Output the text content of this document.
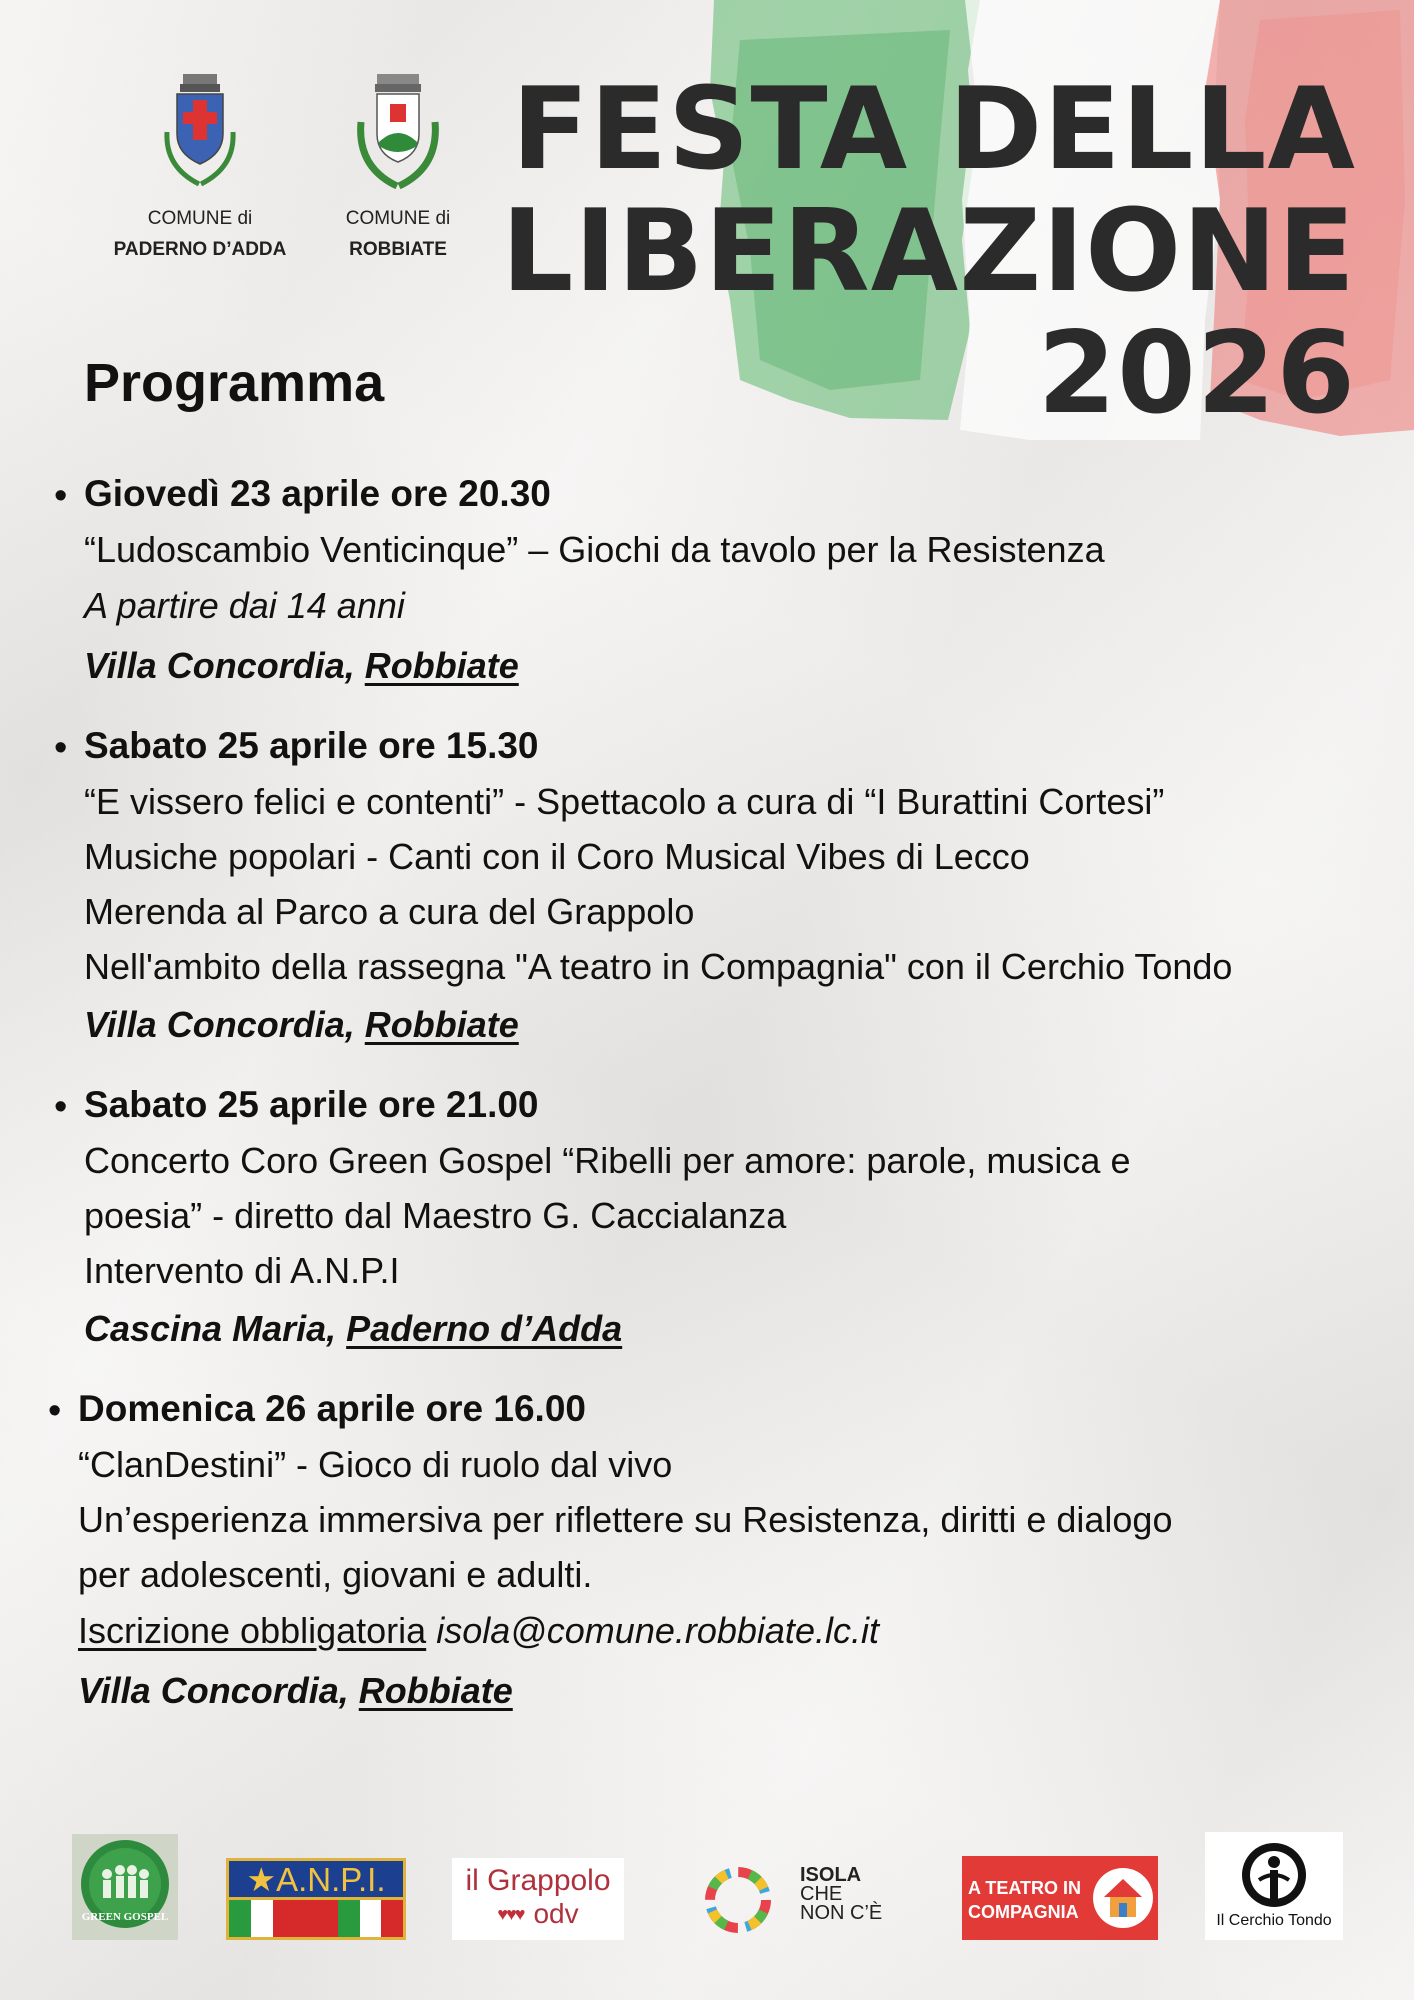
COMUNE di
PADERNO D’ADDA
COMUNE di
ROBBIATE
FESTA DELLA
LIBERAZIONE
2026
Programma
• Giovedì 23 aprile ore 20.30
“Ludoscambio Venticinque” – Giochi da tavolo per la Resistenza
A partire dai 14 anni
Villa Concordia, Robbiate
• Sabato 25 aprile ore 15.30
“E vissero felici e contenti” - Spettacolo a cura di “I Burattini Cortesi”
Musiche popolari - Canti con il Coro Musical Vibes di Lecco
Merenda al Parco a cura del Grappolo
Nell'ambito della rassegna "A teatro in Compagnia" con il Cerchio Tondo
Villa Concordia, Robbiate
• Sabato 25 aprile ore 21.00
Concerto Coro Green Gospel “Ribelli per amore: parole, musica e
poesia” - diretto dal Maestro G. Caccialanza
Intervento di A.N.P.I
Cascina Maria, Paderno d’Adda
• Domenica 26 aprile ore 16.00
“ClanDestini” - Gioco di ruolo dal vivo
Un’esperienza immersiva per riflettere su Resistenza, diritti e dialogo
per adolescenti, giovani e adulti.
Iscrizione obbligatoria isola@comune.robbiate.lc.it
Villa Concordia, Robbiate
GREEN GOSPEL
★A.N.P.I.	il Grappolo
♥♥♥ odv
ISOLA
CHE
NON C’È
A TEATRO IN
COMPAGNIA	Il Cerchio Tondo
